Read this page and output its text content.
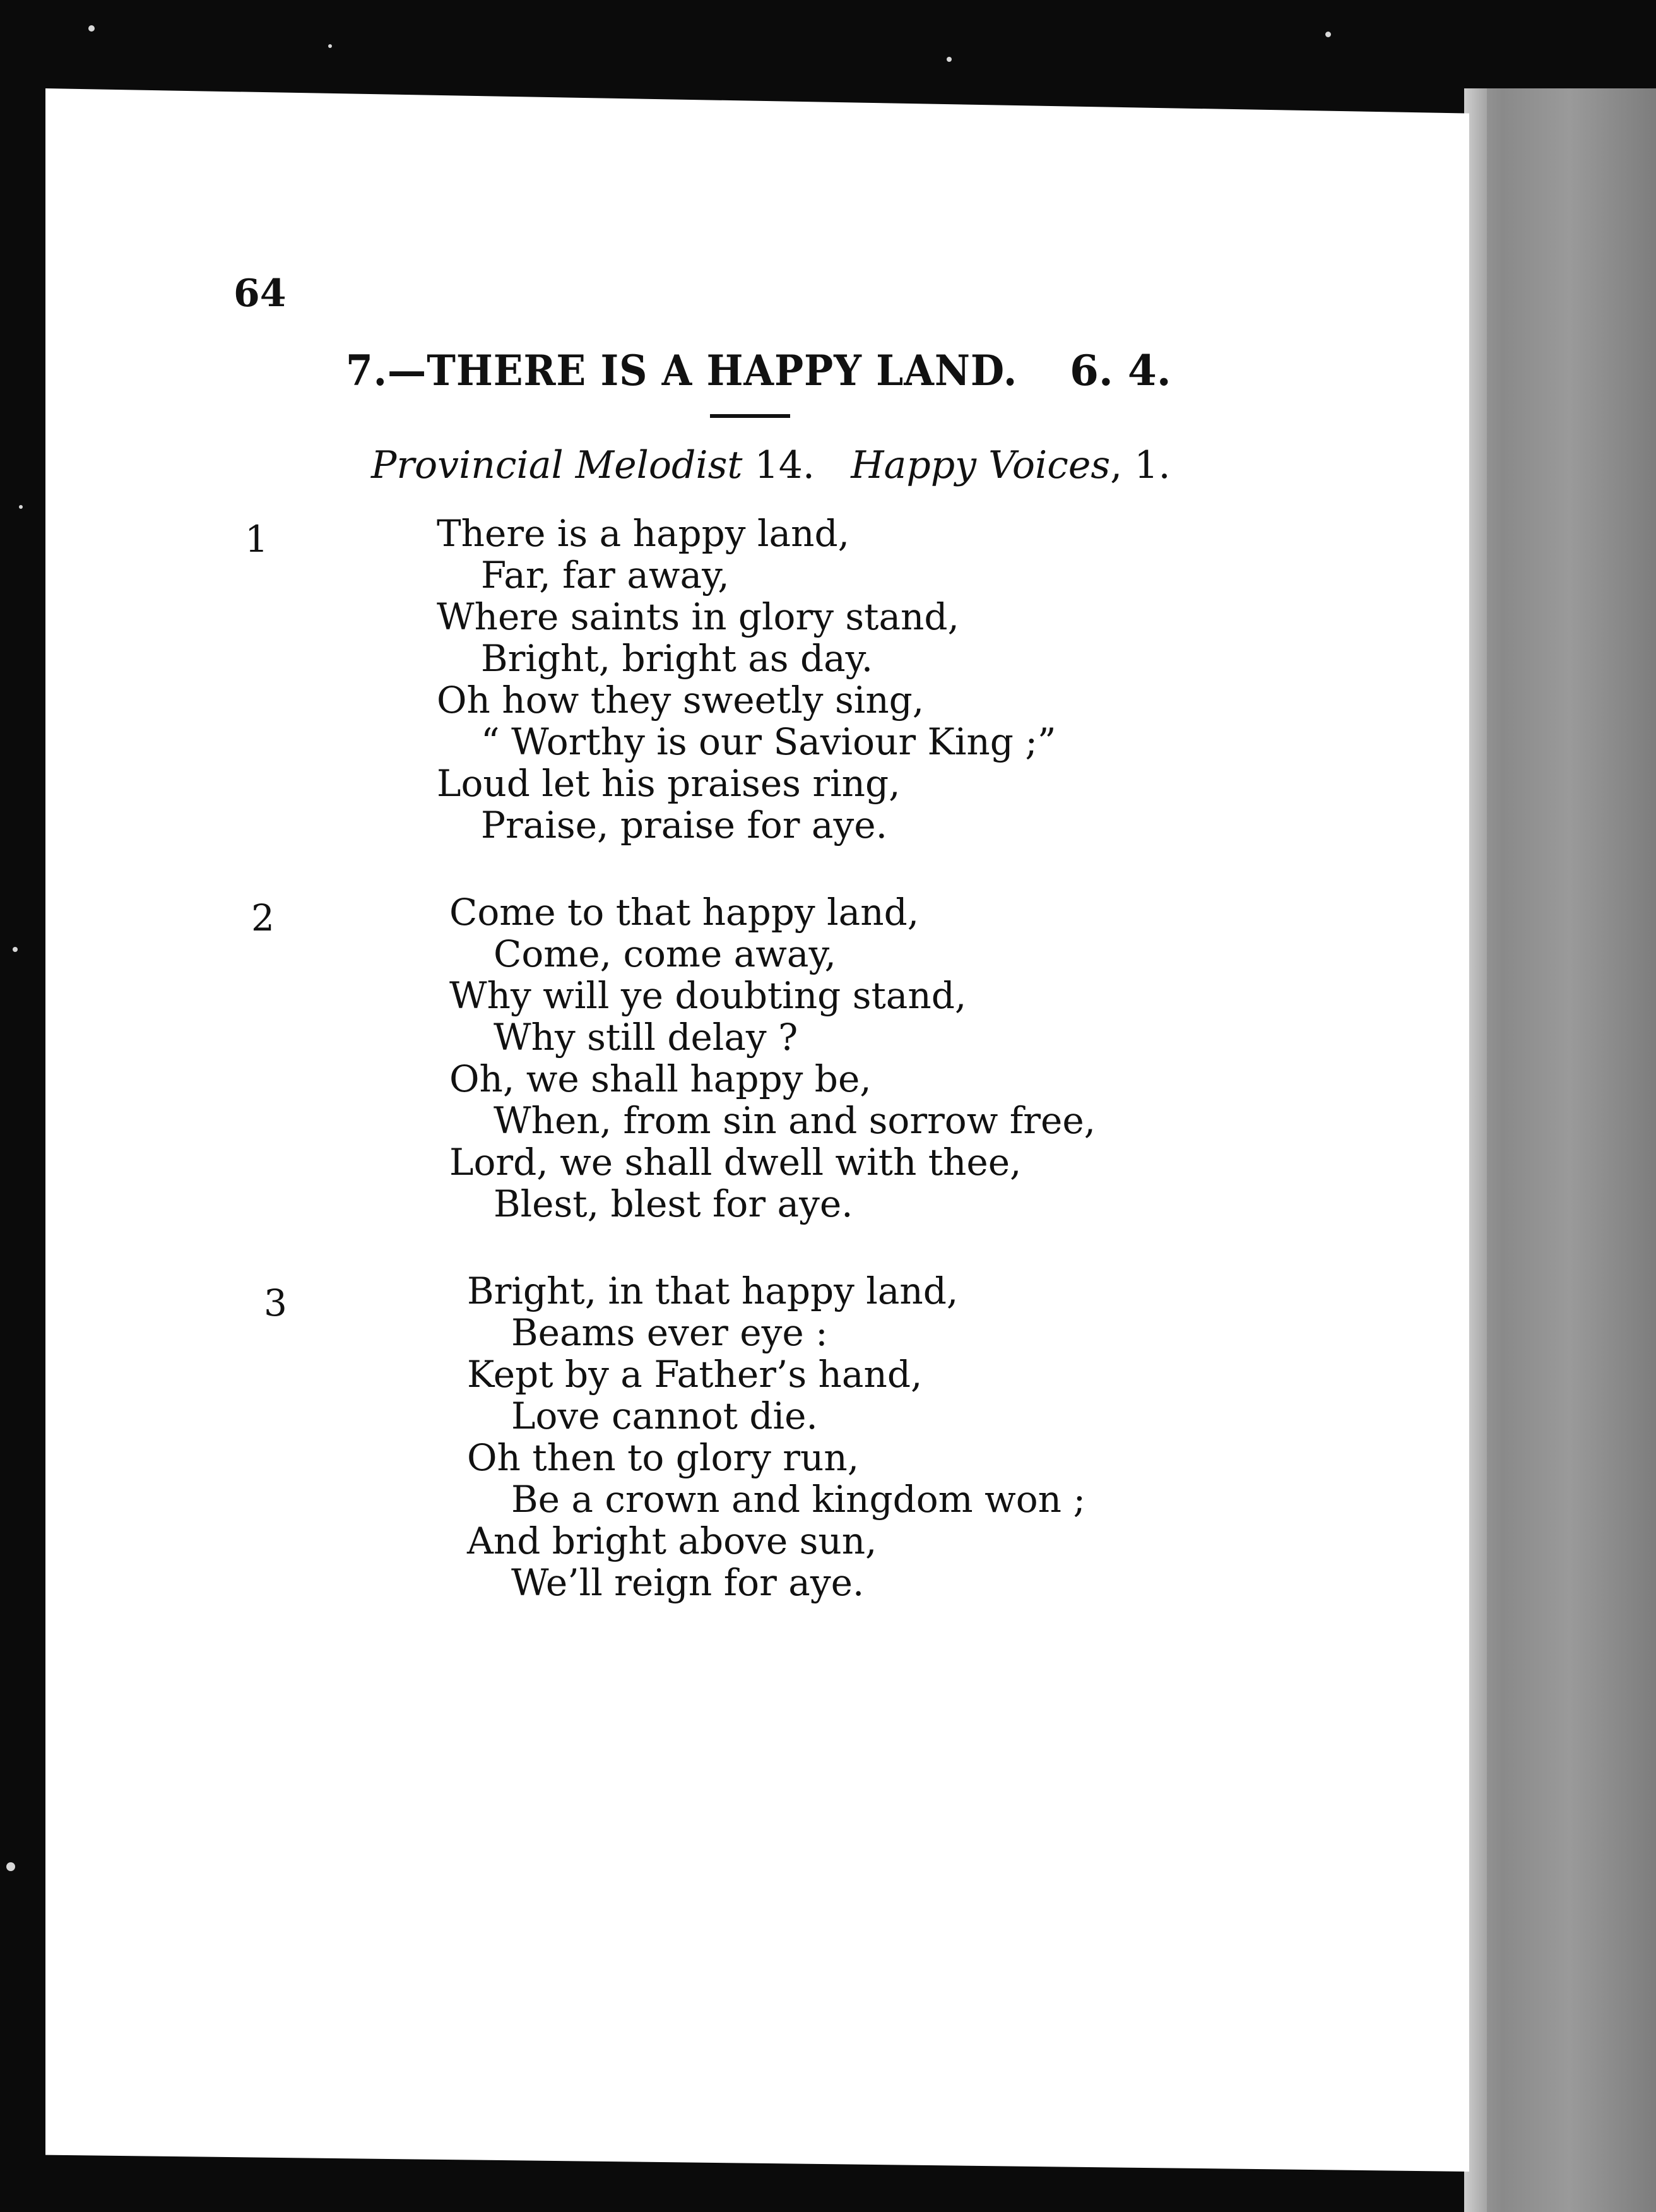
64
7.—THERE IS A HAPPY LAND. 6. 4.
Provincial Melodist 14. Happy Voices, 1.
1	There is a happy land,
Far, far away,
Where saints in glory stand,
Bright, bright as day.
Oh how they sweetly sing,
“ Worthy is our Saviour King ;”
Loud let his praises ring,
Praise, praise for aye.
2	Come to that happy land,
Come, come away,
Why will ye doubting stand,
Why still delay ?
Oh, we shall happy be,
When, from sin and sorrow free,
Lord, we shall dwell with thee,
Blest, blest for aye.
3	Bright, in that happy land,
Beams ever eye :
Kept by a Father’s hand,
Love cannot die.
Oh then to glory run,
Be a crown and kingdom won ;
And bright above sun,
We’ll reign for aye.
